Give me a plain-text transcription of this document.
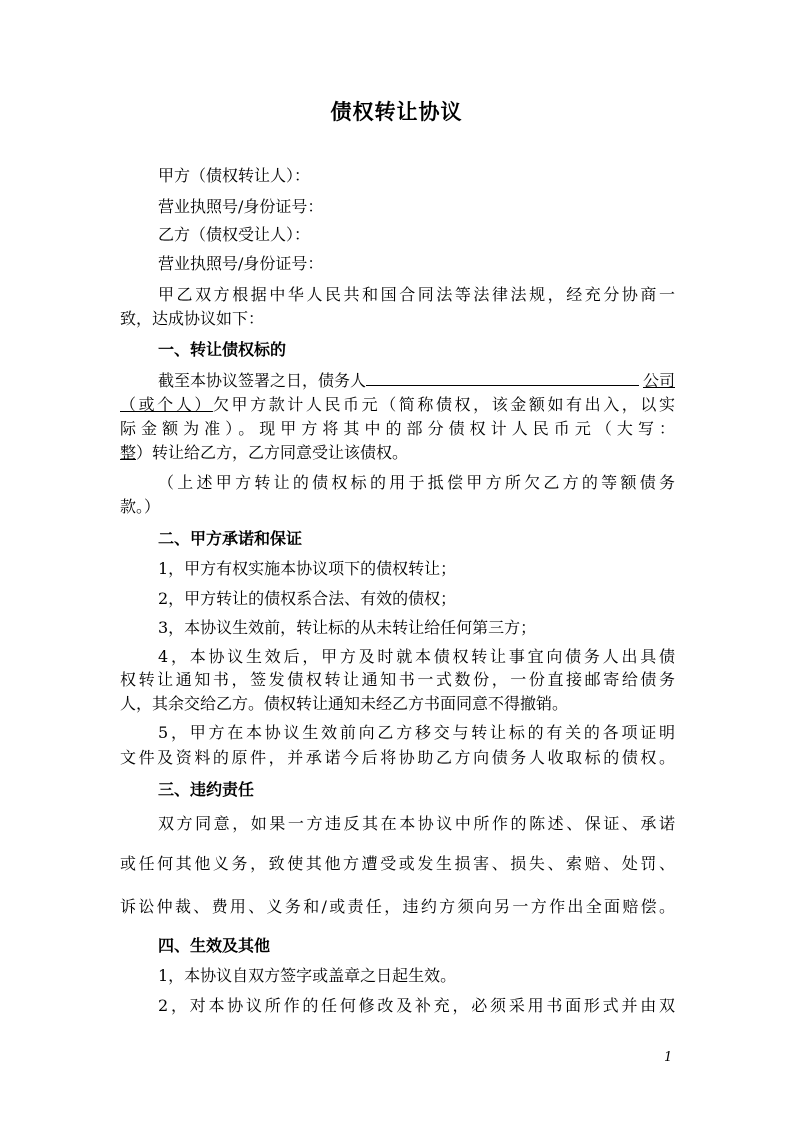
债权转让协议
甲方（债权转让人）：
营业执照号/身份证号：
乙方（债权受让人）：
营业执照号/身份证号：
甲乙双方根据中华人民共和国合同法等法律法规，经充分协商一
致，达成协议如下：
一、转让债权标的
截至本协议签署之日，债务人	公司
（或个人）欠甲方款计人民币元（简称债权，该金额如有出入，以实
际金额为准）。现甲方将其中的部分债权计人民币元（大写：
整）转让给乙方，乙方同意受让该债权。
（上述甲方转让的债权标的用于抵偿甲方所欠乙方的等额债务
款。）
二、甲方承诺和保证
1，甲方有权实施本协议项下的债权转让；
2，甲方转让的债权系合法、有效的债权；
3，本协议生效前，转让标的从未转让给任何第三方；
4，本协议生效后，甲方及时就本债权转让事宜向债务人出具债
权转让通知书，签发债权转让通知书一式数份，一份直接邮寄给债务
人，其余交给乙方。债权转让通知未经乙方书面同意不得撤销。
5，甲方在本协议生效前向乙方移交与转让标的有关的各项证明
文件及资料的原件，并承诺今后将协助乙方向债务人收取标的债权。
三、违约责任
双方同意，如果一方违反其在本协议中所作的陈述、保证、承诺
或任何其他义务，致使其他方遭受或发生损害、损失、索赔、处罚、
诉讼仲裁、费用、义务和/或责任，违约方须向另一方作出全面赔偿。
四、生效及其他
1，本协议自双方签字或盖章之日起生效。
2，对本协议所作的任何修改及补充，必须采用书面形式并由双
1
